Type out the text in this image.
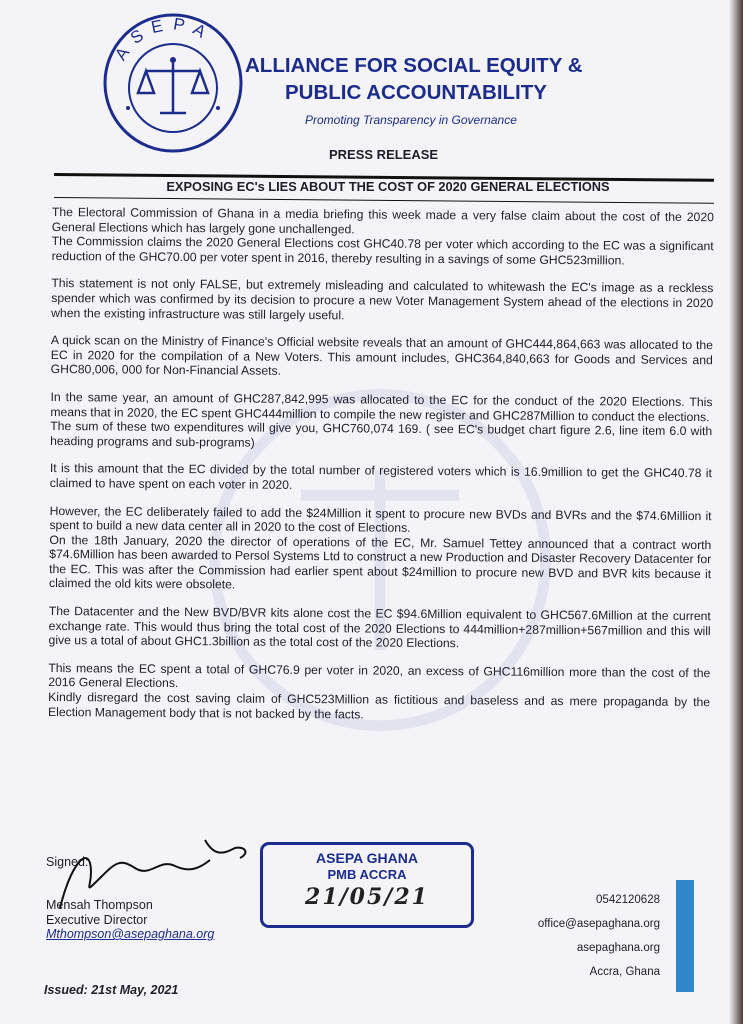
ASEPA
ALLIANCE FOR SOCIAL EQUITY &
PUBLIC ACCOUNTABILITY
Promoting Transparency in Governance
PRESS RELEASE
EXPOSING EC's LIES ABOUT THE COST OF 2020 GENERAL ELECTIONS

The Electoral Commission of Ghana in a media briefing this week made a very false claim about the cost of the 2020 General Elections which has largely gone unchallenged.
The Commission claims the 2020 General Elections cost GHC40.78 per voter which according to the EC was a significant reduction of the GHC70.00 per voter spent in 2016, thereby resulting in a savings of some GHC523million.

This statement is not only FALSE, but extremely misleading and calculated to whitewash the EC's image as a reckless spender which was confirmed by its decision to procure a new Voter Management System ahead of the elections in 2020 when the existing infrastructure was still largely useful.

A quick scan on the Ministry of Finance's Official website reveals that an amount of GHC444,864,663 was allocated to the EC in 2020 for the compilation of a New Voters. This amount includes, GHC364,840,663 for Goods and Services and GHC80,006, 000 for Non-Financial Assets.

In the same year, an amount of GHC287,842,995 was allocated to the EC for the conduct of the 2020 Elections. This means that in 2020, the EC spent GHC444million to compile the new register and GHC287Million to conduct the elections.
The sum of these two expenditures will give you, GHC760,074 169. ( see EC's budget chart figure 2.6, line item 6.0 with heading programs and sub-programs)

It is this amount that the EC divided by the total number of registered voters which is 16.9million to get the GHC40.78 it claimed to have spent on each voter in 2020.

However, the EC deliberately failed to add the $24Million it spent to procure new BVDs and BVRs and the $74.6Million it spent to build a new data center all in 2020 to the cost of Elections.
On the 18th January, 2020 the director of operations of the EC, Mr. Samuel Tettey announced that a contract worth $74.6Million has been awarded to Persol Systems Ltd to construct a new Production and Disaster Recovery Datacenter for the EC. This was after the Commission had earlier spent about $24million to procure new BVD and BVR kits because it claimed the old kits were obsolete.

The Datacenter and the New BVD/BVR kits alone cost the EC $94.6Million equivalent to GHC567.6Million at the current exchange rate. This would thus bring the total cost of the 2020 Elections to 444million+287million+567million and this will give us a total of about GHC1.3billion as the total cost of the 2020 Elections.

This means the EC spent a total of GHC76.9 per voter in 2020, an excess of GHC116million more than the cost of the 2016 General Elections.
Kindly disregard the cost saving claim of GHC523Million as fictitious and baseless and as mere propaganda by the Election Management body that is not backed by the facts.

Signed:
Mensah Thompson
Executive Director
Mthompson@asepaghana.org
ASEPA GHANA
PMB ACCRA
21/05/21	0542120628
office@asepaghana.org
asepaghana.org
Accra, Ghana
Issued: 21st May, 2021
